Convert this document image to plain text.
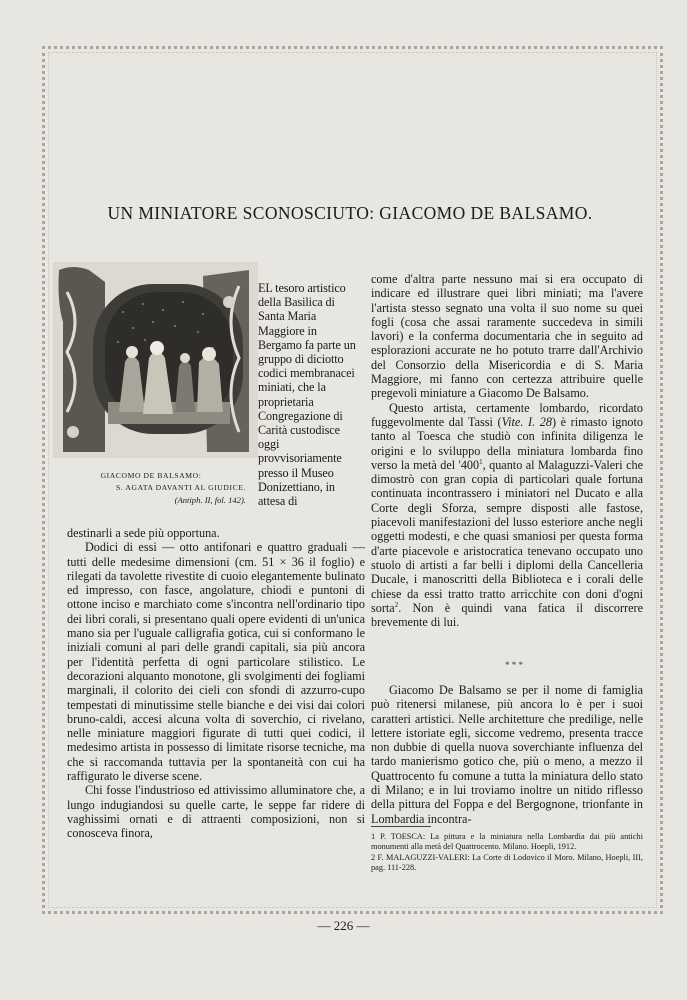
UN MINIATORE SCONOSCIUTO: GIACOMO DE BALSAMO.

GIACOMO DE BALSAMO:
S. AGATA DAVANTI AL GIUDICE.
(Antiph. II, fol. 142).

EL tesoro artistico della Basilica di Santa Maria Maggiore in Bergamo fa parte un gruppo di diciotto codici membranacei miniati, che la proprietaria Congregazione di Carità custodisce oggi provvisoriamente presso il Museo Donizettiano, in attesa di

destinarli a sede più opportuna.

Dodici di essi — otto antifonari e quattro graduali — tutti delle medesime dimensioni (cm. 51 × 36 il foglio) e rilegati da tavolette rivestite di cuoio elegantemente bulinato ed impresso, con fasce, angolature, chiodi e puntoni di ottone inciso e marchiato come s'incontra nell'ordinario tipo dei libri corali, si presentano quali opere evidenti di un'unica mano sia per l'uguale calligrafia gotica, cui si conformano le iniziali comuni al pari delle grandi capitali, sia più ancora per l'identità perfetta di ogni particolare stilistico. Le decorazioni alquanto monotone, gli svolgimenti dei fogliami marginali, il colorito dei cieli con sfondi di azzurro-cupo tempestati di minutissime stelle bianche e dei visi dai colori bruno-caldi, accesi alcuna volta di soverchio, ci rivelano, nelle miniature maggiori figurate di tutti quei codici, il medesimo artista in possesso di limitate risorse tecniche, ma che si raccomanda tuttavia per la spontaneità con cui ha raffigurato le diverse scene.

Chi fosse l'industrioso ed attivissimo alluminatore che, a lungo indugiandosi su quelle carte, le seppe far ridere di vaghissimi ornati e di attraenti composizioni, non si conosceva finora,

come d'altra parte nessuno mai si era occupato di indicare ed illustrare quei libri miniati; ma l'avere l'artista stesso segnato una volta il suo nome su quei fogli (cosa che assai raramente succedeva in simili lavori) e la conferma documentaria che in seguito ad esplorazioni accurate ne ho potuto trarre dall'Archivio del Consorzio della Misericordia e di S. Maria Maggiore, mi fanno con certezza attribuire quelle pregevoli miniature a Giacomo De Balsamo.

Questo artista, certamente lombardo, ricordato fuggevolmente dal Tassi (Vite. I. 28) è rimasto ignoto tanto al Toesca che studiò con infinita diligenza le origini e lo sviluppo della miniatura lombarda fino verso la metà del '$400^1$, quanto al Malaguzzi-Valeri che dimostrò con gran copia di particolari quale fortuna continuata incontrassero i miniatori nel Ducato e alla Corte degli Sforza, sempre disposti alle fastose, piacevoli manifestazioni del lusso esteriore anche negli oggetti modesti, e che quasi smaniosi per questa forma d'arte piacevole e aristocratica tenevano occupato uno stuolo di artisti a far belli i diplomi della Cancelleria Ducale, i manoscritti della Biblioteca e i corali delle chiese da essi tratto tratto arricchite con doni d'ogni sorta$^2$. Non è quindi vana fatica il discorrere brevemente di lui.

* * *

Giacomo De Balsamo se per il nome di famiglia può ritenersi milanese, più ancora lo è per i suoi caratteri artistici. Nelle architetture che predilige, nelle lettere istoriate egli, siccome vedremo, presenta tracce non dubbie di quella nuova soverchiante influenza del tardo manierismo gotico che, più o meno, a mezzo il Quattrocento fu comune a tutta la miniatura dello stato di Milano; e in lui troviamo inoltre un nitido riflesso della pittura del Foppa e del Bergognone, trionfante in Lombardia incontra-

1 P. TOESCA: La pittura e la miniatura nella Lombardia dai più antichi monumenti alla metà del Quattrocento. Milano. Hoepli, 1912.

2 F. MALAGUZZI-VALERI: La Corte di Lodovico il Moro. Milano, Hoepli, III, pag. 111-228.

— 226 —
